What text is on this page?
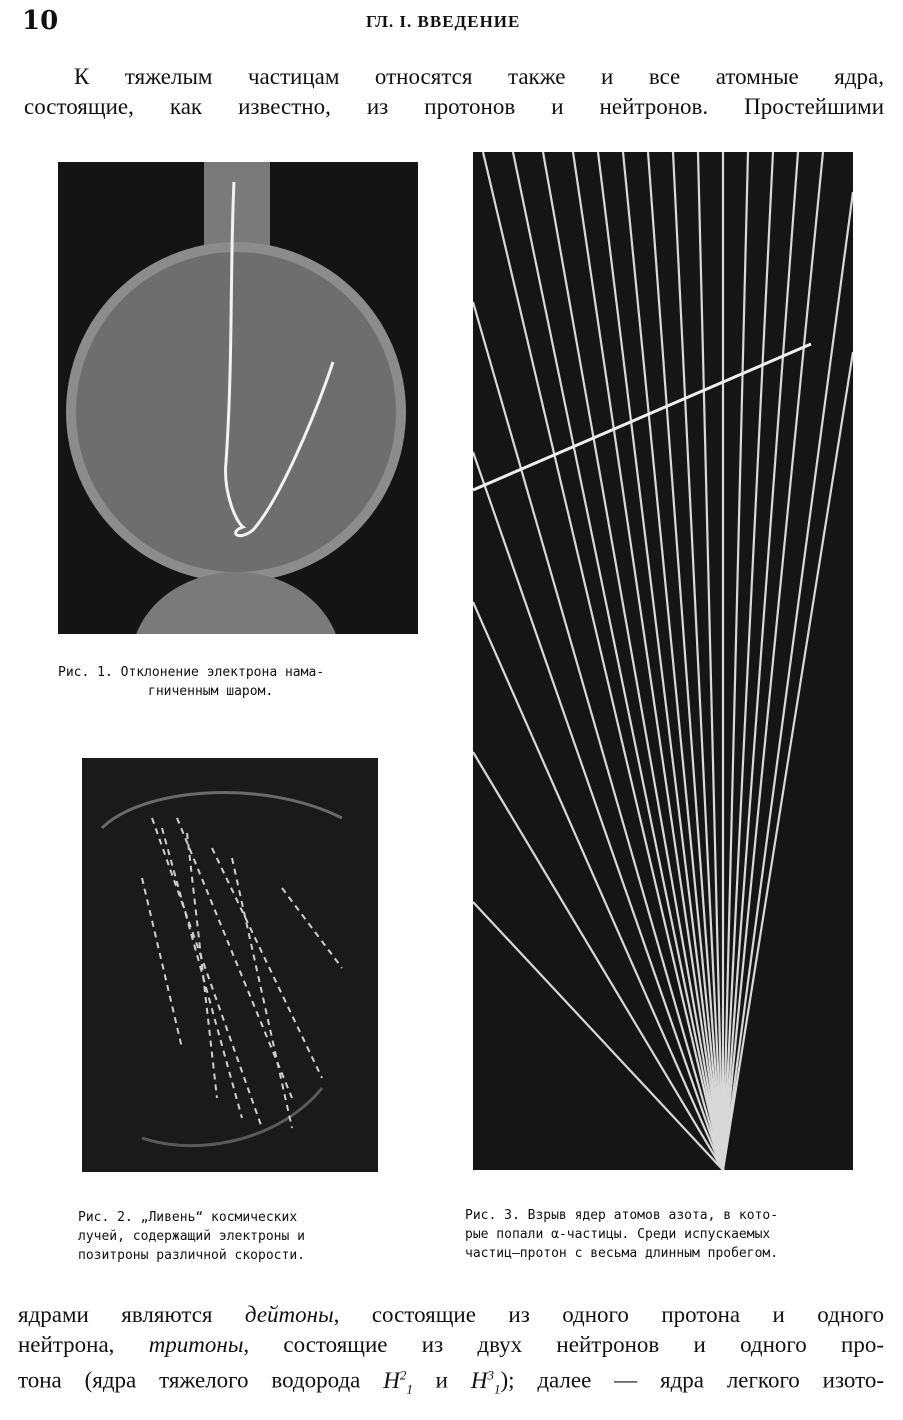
10	ГЛ. I. ВВЕДЕНИЕ
К тяжелым частицам относятся также и все атомные ядра,
состоящие, как известно, из протонов и нейтронов. Простейшими
Рис. 1. Отклонение электрона нама-
гниченным шаром.
Рис. 2. „Ливень“ космических
лучей, содержащий электроны и
позитроны различной скорости.
Рис. 3. Взрыв ядер атомов азота, в кото-
рые попали α-частицы. Среди испускаемых
частиц—протон с весьма длинным пробегом.
ядрами являются дейтоны, состоящие из одного протона и одного
нейтрона, тритоны, состоящие из двух нейтронов и одного про-
тона (ядра тяжелого водорода $H^2_1$ и $H^3_1$); далее — ядра легкого изото-
